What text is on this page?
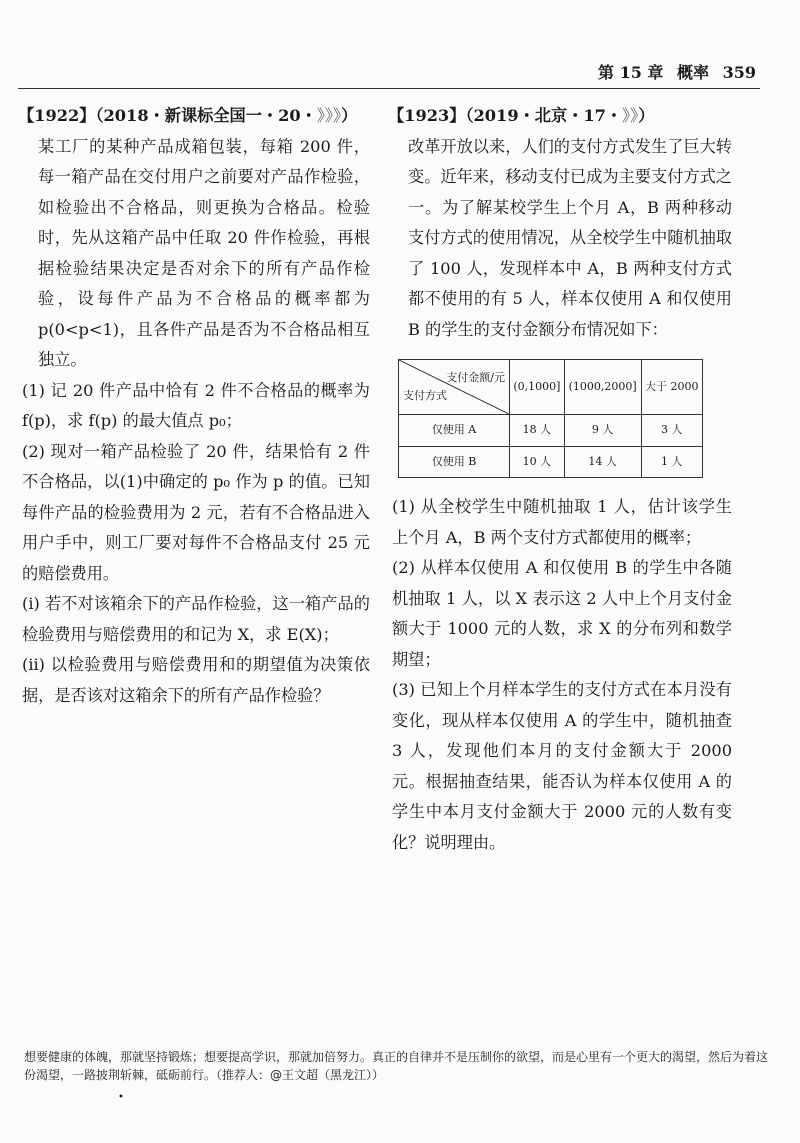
第 15 章 概率 359
【1922】（2018・新课标全国一・20・》》》）
某工厂的某种产品成箱包装，每箱 200 件，每一箱产品在交付用户之前要对产品作检验，如检验出不合格品，则更换为合格品。检验时，先从这箱产品中任取 20 件作检验，再根据检验结果决定是否对余下的所有产品作检验，设每件产品为不合格品的概率都为 p(0<p<1)，且各件产品是否为不合格品相互独立。
(1) 记 20 件产品中恰有 2 件不合格品的概率为 f(p)，求 f(p) 的最大值点 p₀；
(2) 现对一箱产品检验了 20 件，结果恰有 2 件不合格品，以(1)中确定的 p₀ 作为 p 的值。已知每件产品的检验费用为 2 元，若有不合格品进入用户手中，则工厂要对每件不合格品支付 25 元的赔偿费用。
(i) 若不对该箱余下的产品作检验，这一箱产品的检验费用与赔偿费用的和记为 X，求 E(X)；
(ii) 以检验费用与赔偿费用和的期望值为决策依据，是否该对这箱余下的所有产品作检验？
【1923】（2019・北京・17・》》）
改革开放以来，人们的支付方式发生了巨大转变。近年来，移动支付已成为主要支付方式之一。为了解某校学生上个月 A，B 两种移动支付方式的使用情况，从全校学生中随机抽取了 100 人，发现样本中 A，B 两种支付方式都不使用的有 5 人，样本仅使用 A 和仅使用 B 的学生的支付金额分布情况如下：
支付金额/元
支付方式	(0,1000]	(1000,2000]	大于 2000
仅使用 A	18 人	9 人	3 人
仅使用 B	10 人	14 人	1 人
(1) 从全校学生中随机抽取 1 人，估计该学生上个月 A，B 两个支付方式都使用的概率；
(2) 从样本仅使用 A 和仅使用 B 的学生中各随机抽取 1 人，以 X 表示这 2 人中上个月支付金额大于 1000 元的人数，求 X 的分布列和数学期望；
(3) 已知上个月样本学生的支付方式在本月没有变化，现从样本仅使用 A 的学生中，随机抽查 3 人，发现他们本月的支付金额大于 2000 元。根据抽查结果，能否认为样本仅使用 A 的学生中本月支付金额大于 2000 元的人数有变化？说明理由。
想要健康的体魄，那就坚持锻炼；想要提高学识，那就加倍努力。真正的自律并不是压制你的欲望，而是心里有一个更大的渴望，然后为着这份渴望，一路披荆斩棘，砥砺前行。（推荐人：@王文超（黑龙江））
•
